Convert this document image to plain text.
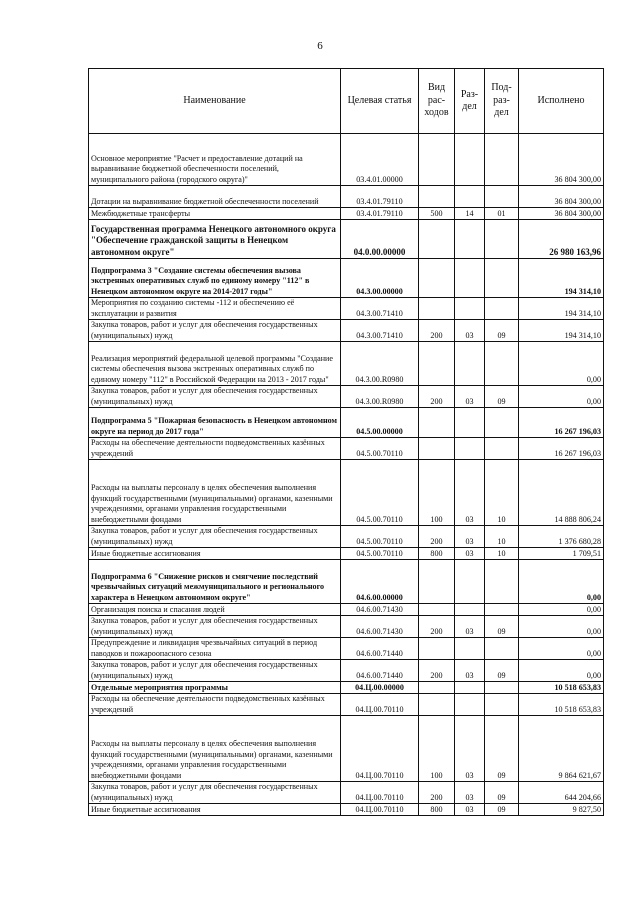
6
Наименование	Целевая статья	Вид рас-ходов	Раз-дел	Под-раз-дел	Исполнено
Основное мероприятие "Расчет и предоставление дотаций на выравнивание бюджетной обеспеченности поселений, муниципального района (городского округа)"	03.4.01.00000				36 804 300,00
Дотации на выравнивание бюджетной обеспеченности поселений	03.4.01.79110				36 804 300,00
Межбюджетные трансферты	03.4.01.79110	500	14	01	36 804 300,00
Государственная программа Ненецкого автономного округа "Обеспечение гражданской защиты в Ненецком автономном округе"	04.0.00.00000				26 980 163,96
Подпрограмма 3 "Создание системы обеспечения вызова экстренных оперативных служб по единому номеру "112" в Ненецком автономном округе на 2014-2017 годы"	04.3.00.00000				194 314,10
Мероприятия по созданию системы -112 и обеспечению её эксплуатации и развития	04.3.00.71410				194 314,10
Закупка товаров, работ и услуг для обеспечения государственных (муниципальных) нужд	04.3.00.71410	200	03	09	194 314,10
Реализация мероприятий федеральной целевой программы "Создание системы обеспечения вызова экстренных оперативных служб по единому номеру "112" в Российской Федерации на 2013 - 2017 годы"	04.3.00.R0980				0,00
Закупка товаров, работ и услуг для обеспечения государственных (муниципальных) нужд	04.3.00.R0980	200	03	09	0,00
Подпрограмма 5 "Пожарная безопасность в Ненецком автономном округе на период до 2017 года"	04.5.00.00000				16 267 196,03
Расходы на обеспечение деятельности подведомственных казённых учреждений	04.5.00.70110				16 267 196,03
Расходы на выплаты персоналу в целях обеспечения выполнения функций государственными (муниципальными) органами, казенными учреждениями, органами управления государственными внебюджетными фондами	04.5.00.70110	100	03	10	14 888 806,24
Закупка товаров, работ и услуг для обеспечения государственных (муниципальных) нужд	04.5.00.70110	200	03	10	1 376 680,28
Иные бюджетные ассигнования	04.5.00.70110	800	03	10	1 709,51
Подпрограмма 6 "Снижение рисков и смягчение последствий чрезвычайных ситуаций межмуниципального и регионального характера в Ненецком автономном округе"	04.6.00.00000				0,00
Организация поиска и спасания людей	04.6.00.71430				0,00
Закупка товаров, работ и услуг для обеспечения государственных (муниципальных) нужд	04.6.00.71430	200	03	09	0,00
Предупреждение и ликвидация чрезвычайных ситуаций в период паводков и пожароопасного сезона	04.6.00.71440				0,00
Закупка товаров, работ и услуг для обеспечения государственных (муниципальных) нужд	04.6.00.71440	200	03	09	0,00
Отдельные мероприятия программы	04.Ц.00.00000				10 518 653,83
Расходы на обеспечение деятельности подведомственных казённых учреждений	04.Ц.00.70110				10 518 653,83
Расходы на выплаты персоналу в целях обеспечения выполнения функций государственными (муниципальными) органами, казенными учреждениями, органами управления государственными внебюджетными фондами	04.Ц.00.70110	100	03	09	9 864 621,67
Закупка товаров, работ и услуг для обеспечения государственных (муниципальных) нужд	04.Ц.00.70110	200	03	09	644 204,66
Иные бюджетные ассигнования	04.Ц.00.70110	800	03	09	9 827,50
